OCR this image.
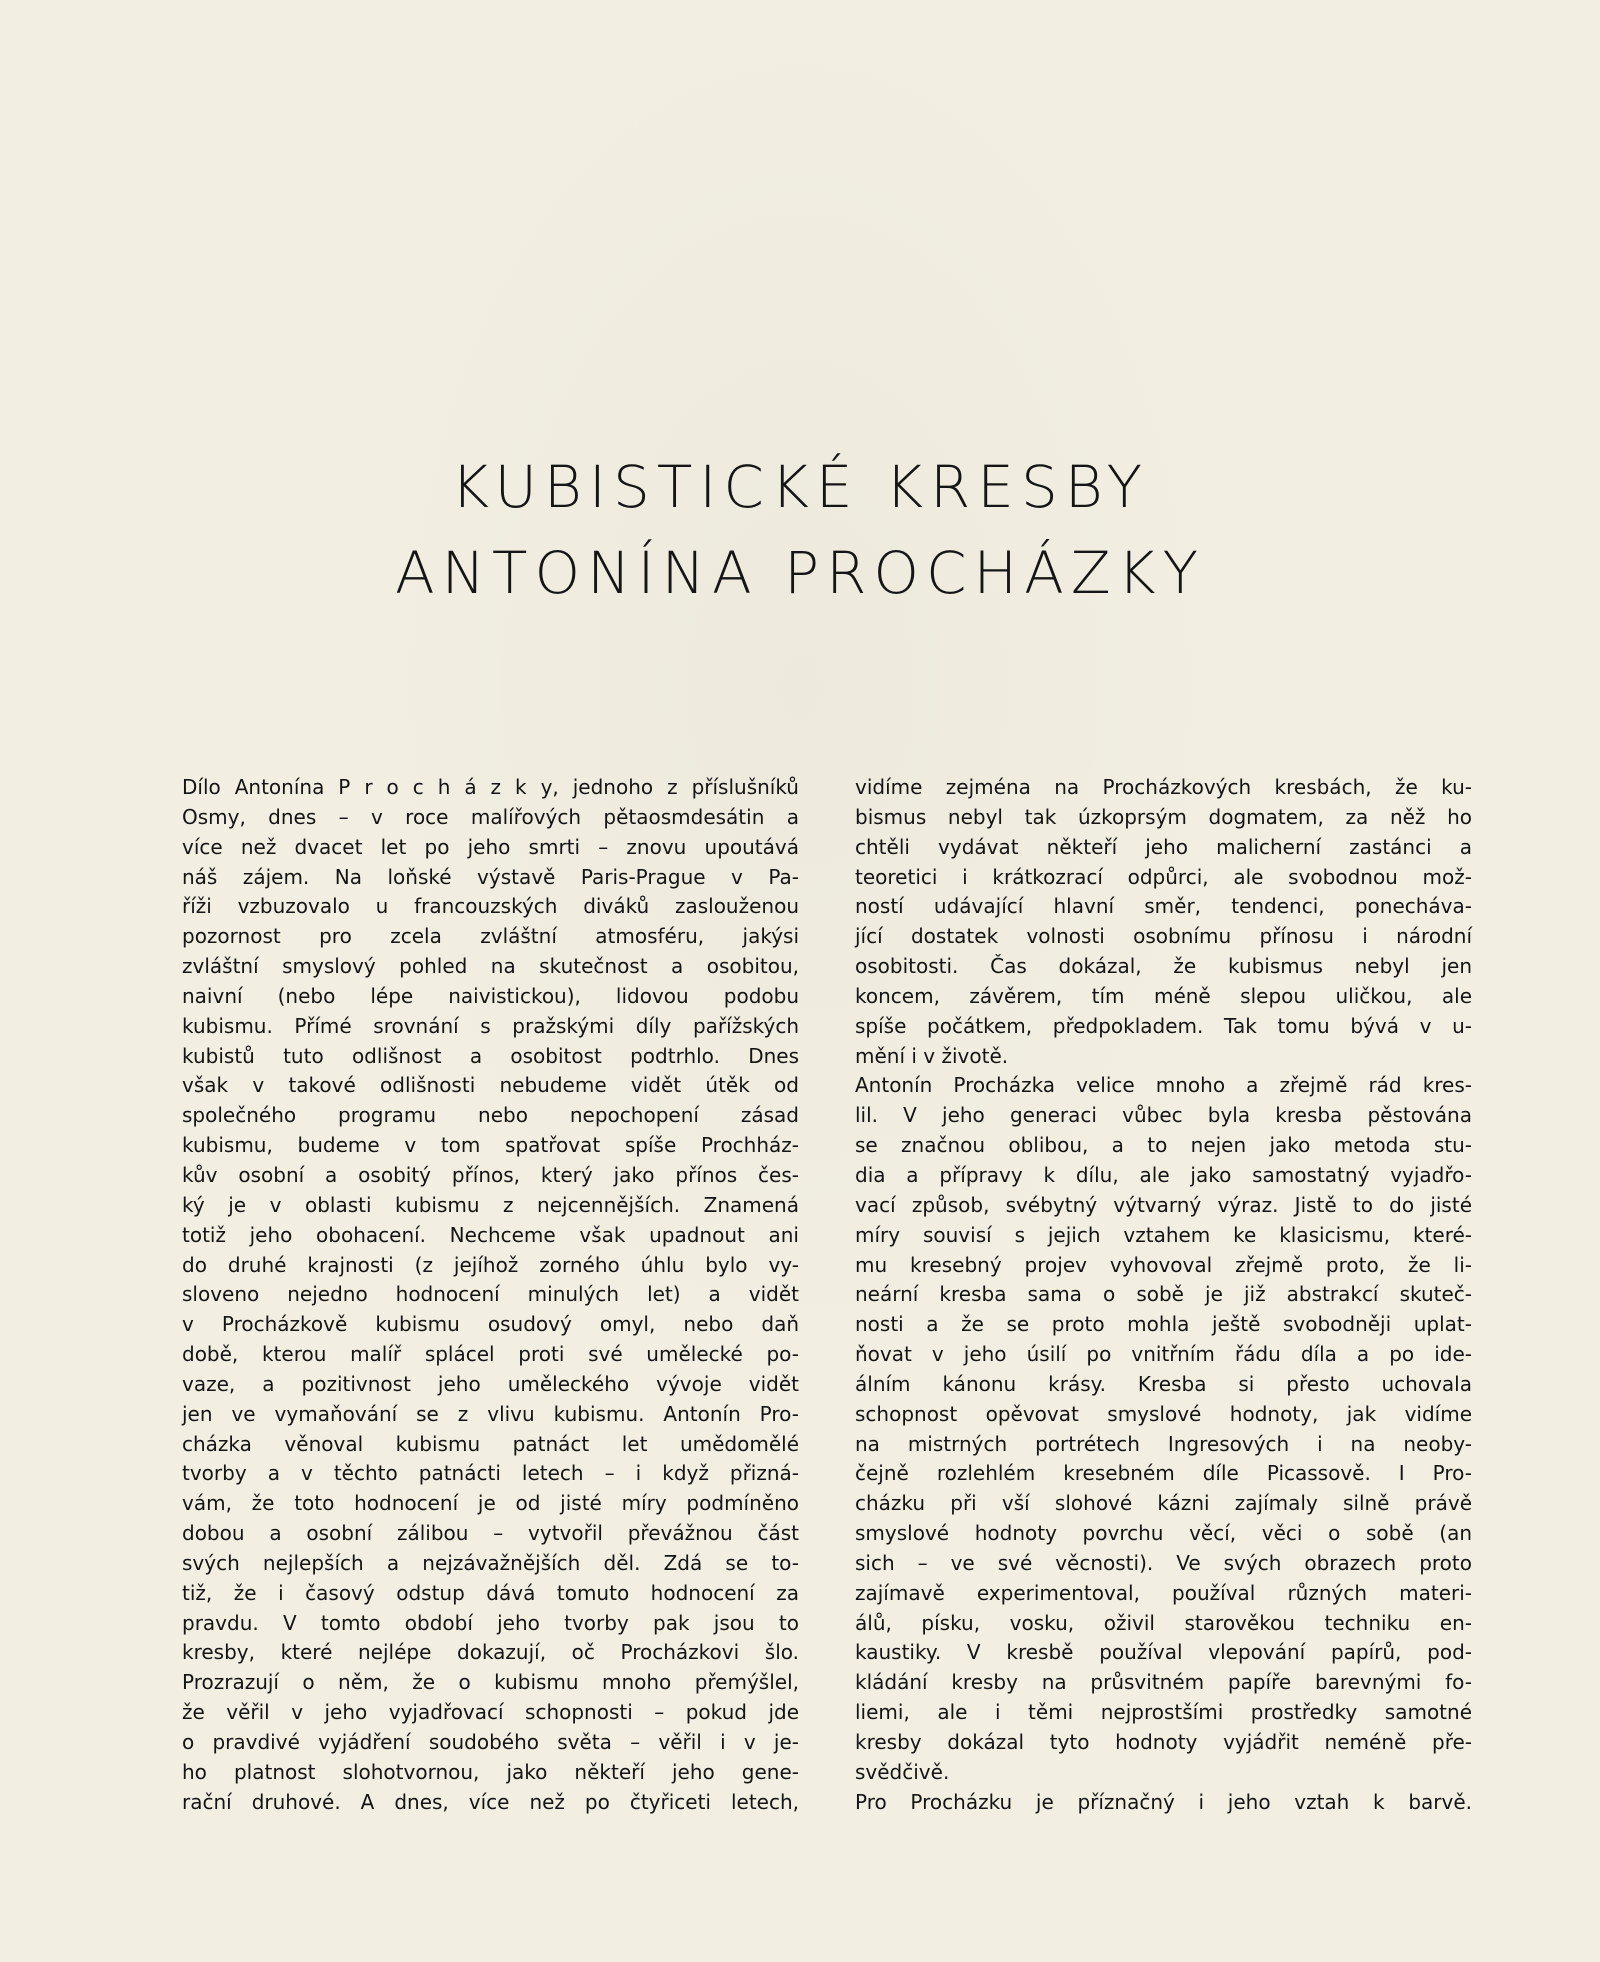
KUBISTICKÉ KRESBY
ANTONÍNA PROCHÁZKY
Dílo Antonína P r o c h á z k y, jednoho z příslušníků
Osmy, dnes – v roce malířových pětaosmdesátin a
více než dvacet let po jeho smrti – znovu upoutává
náš zájem. Na loňské výstavě Paris-Prague v Pa-
říži vzbuzovalo u francouzských diváků zaslouženou
pozornost pro zcela zvláštní atmosféru, jakýsi
zvláštní smyslový pohled na skutečnost a osobitou,
naivní (nebo lépe naivistickou), lidovou podobu
kubismu. Přímé srovnání s pražskými díly pařížských
kubistů tuto odlišnost a osobitost podtrhlo. Dnes
však v takové odlišnosti nebudeme vidět útěk od
společného programu nebo nepochopení zásad
kubismu, budeme v tom spatřovat spíše Prochház-
kův osobní a osobitý přínos, který jako přínos čes-
ký je v oblasti kubismu z nejcennějších. Znamená
totiž jeho obohacení. Nechceme však upadnout ani
do druhé krajnosti (z jejíhož zorného úhlu bylo vy-
sloveno nejedno hodnocení minulých let) a vidět
v Procházkově kubismu osudový omyl, nebo daň
době, kterou malíř splácel proti své umělecké po-
vaze, a pozitivnost jeho uměleckého vývoje vidět
jen ve vymaňování se z vlivu kubismu. Antonín Pro-
cházka věnoval kubismu patnáct let umědomělé
tvorby a v těchto patnácti letech – i když přizná-
vám, že toto hodnocení je od jisté míry podmíněno
dobou a osobní zálibou – vytvořil převážnou část
svých nejlepších a nejzávažnějších děl. Zdá se to-
tiž, že i časový odstup dává tomuto hodnocení za
pravdu. V tomto období jeho tvorby pak jsou to
kresby, které nejlépe dokazují, oč Procházkovi šlo.
Prozrazují o něm, že o kubismu mnoho přemýšlel,
že věřil v jeho vyjadřovací schopnosti – pokud jde
o pravdivé vyjádření soudobého světa – věřil i v je-
ho platnost slohotvornou, jako někteří jeho gene-
rační druhové. A dnes, více než po čtyřiceti letech,
vidíme zejména na Procházkových kresbách, že ku-
bismus nebyl tak úzkoprsým dogmatem, za něž ho
chtěli vydávat někteří jeho malicherní zastánci a
teoretici i krátkozrací odpůrci, ale svobodnou mož-
ností udávající hlavní směr, tendenci, ponecháva-
jící dostatek volnosti osobnímu přínosu i národní
osobitosti. Čas dokázal, že kubismus nebyl jen
koncem, závěrem, tím méně slepou uličkou, ale
spíše počátkem, předpokladem. Tak tomu bývá v u-
mění i v životě.
Antonín Procházka velice mnoho a zřejmě rád kres-
lil. V jeho generaci vůbec byla kresba pěstována
se značnou oblibou, a to nejen jako metoda stu-
dia a přípravy k dílu, ale jako samostatný vyjadřo-
vací způsob, svébytný výtvarný výraz. Jistě to do jisté
míry souvisí s jejich vztahem ke klasicismu, které-
mu kresebný projev vyhovoval zřejmě proto, že li-
neární kresba sama o sobě je již abstrakcí skuteč-
nosti a že se proto mohla ještě svobodněji uplat-
ňovat v jeho úsilí po vnitřním řádu díla a po ide-
álním kánonu krásy. Kresba si přesto uchovala
schopnost opěvovat smyslové hodnoty, jak vidíme
na mistrných portrétech Ingresových i na neoby-
čejně rozlehlém kresebném díle Picassově. I Pro-
cházku při vší slohové kázni zajímaly silně právě
smyslové hodnoty povrchu věcí, věci o sobě (an
sich – ve své věcnosti). Ve svých obrazech proto
zajímavě experimentoval, používal různých materi-
álů, písku, vosku, oživil starověkou techniku en-
kaustiky. V kresbě používal vlepování papírů, pod-
kládání kresby na průsvitném papíře barevnými fo-
liemi, ale i těmi nejprostšími prostředky samotné
kresby dokázal tyto hodnoty vyjádřit neméně pře-
svědčivě.
Pro Procházku je příznačný i jeho vztah k barvě.
